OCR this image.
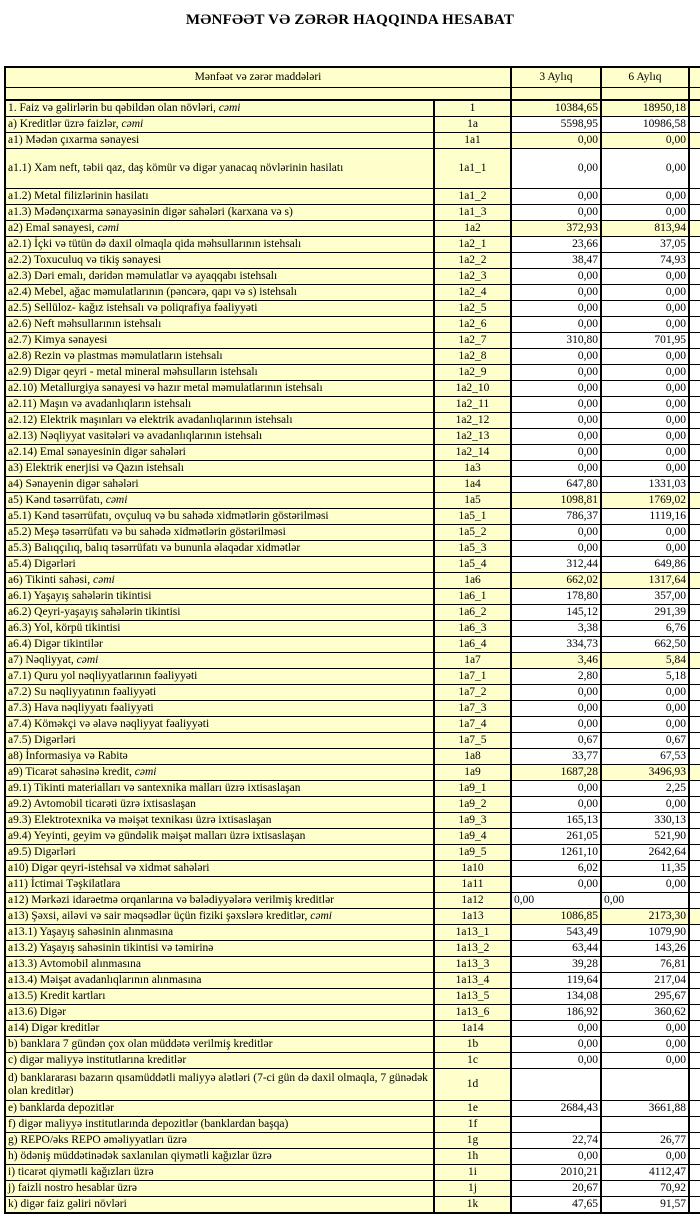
MƏNFƏƏT VƏ ZƏRƏR HAQQINDA HESABAT
Mənfəət və zərər maddələri		3 Aylıq	6 Aylıq	

1. Faiz və gəlirlərin bu qəbildən olan növləri, cəmi	1	10384,65	18950,18	
a) Kreditlər üzrə faizlər, cəmi	1a	5598,95	10986,58	
a1) Mədən çıxarma sənayesi	1a1	0,00	0,00	
a1.1) Xam neft, təbii qaz, daş kömür və digər yanacaq növlərinin hasilatı	1a1_1	0,00	0,00	
a1.2) Metal filizlərinin hasilatı	1a1_2	0,00	0,00	
a1.3) Mədənçıxarma sənayəsinin digər sahələri (karxana və s)	1a1_3	0,00	0,00	
a2) Emal sənayesi, cəmi	1a2	372,93	813,94	
a2.1) İçki və tütün də daxil olmaqla qida məhsullarının istehsalı	1a2_1	23,66	37,05	
a2.2) Toxuculuq və tikiş sənayesi	1a2_2	38,47	74,93	
a2.3) Dəri emalı, dəridən məmulatlar və ayaqqabı istehsalı	1a2_3	0,00	0,00	
a2.4) Mebel, ağac məmulatlarının (pəncərə, qapı və s) istehsalı	1a2_4	0,00	0,00	
a2.5) Sellüloz- kağız istehsalı və poliqrafiya fəaliyyəti	1a2_5	0,00	0,00	
a2.6) Neft məhsullarının istehsalı	1a2_6	0,00	0,00	
a2.7) Kimya sənayesi	1a2_7	310,80	701,95	
a2.8) Rezin və plastmas məmulatların istehsalı	1a2_8	0,00	0,00	
a2.9) Digər qeyri - metal mineral məhsulların istehsalı	1a2_9	0,00	0,00	
a2.10) Metallurgiya sənayesi və hazır metal məmulatlarının istehsalı	1a2_10	0,00	0,00	
a2.11) Maşın və avadanlıqların istehsalı	1a2_11	0,00	0,00	
a2.12) Elektrik maşınları və elektrik avadanlıqlarının istehsalı	1a2_12	0,00	0,00	
a2.13) Nəqliyyat vasitələri və avadanlıqlarının istehsalı	1a2_13	0,00	0,00	
a2.14) Emal sənayesinin digər sahələri	1a2_14	0,00	0,00	
a3) Elektrik enerjisi və Qazın istehsalı	1a3	0,00	0,00	
a4) Sənayenin digər sahələri	1a4	647,80	1331,03	
a5) Kənd təsərrüfatı, cəmi	1a5	1098,81	1769,02	
a5.1) Kənd təsərrüfatı, ovçuluq və bu sahədə xidmətlərin göstərilməsi	1a5_1	786,37	1119,16	
a5.2) Meşə təsərrüfatı və bu sahədə xidmətlərin göstərilməsi	1a5_2	0,00	0,00	
a5.3) Balıqçılıq, balıq təsərrüfatı və bununla əlaqədar xidmətlər	1a5_3	0,00	0,00	
a5.4) Digərləri	1a5_4	312,44	649,86	
a6) Tikinti sahəsi, cəmi	1a6	662,02	1317,64	
a6.1) Yaşayış sahələrin tikintisi	1a6_1	178,80	357,00	
a6.2) Qeyri-yaşayış sahələrin tikintisi	1a6_2	145,12	291,39	
a6.3) Yol, körpü tikintisi	1a6_3	3,38	6,76	
a6.4) Digər tikintilər	1a6_4	334,73	662,50	
a7) Nəqliyyat, cəmi	1a7	3,46	5,84	
a7.1) Quru yol nəqliyyatlarının fəaliyyəti	1a7_1	2,80	5,18	
a7.2) Su nəqliyyatının fəaliyyəti	1a7_2	0,00	0,00	
a7.3) Hava nəqliyyatı fəaliyyəti	1a7_3	0,00	0,00	
a7.4) Köməkçi və əlavə nəqliyyat fəaliyyəti	1a7_4	0,00	0,00	
a7.5) Digərləri	1a7_5	0,67	0,67	
a8) İnformasiya və Rabitə	1a8	33,77	67,53	
a9) Ticarət sahəsinə kredit, cəmi	1a9	1687,28	3496,93	
a9.1) Tikinti materialları və santexnika malları üzrə ixtisaslaşan	1a9_1	0,00	2,25	
a9.2) Avtomobil ticarəti üzrə ixtisaslaşan	1a9_2	0,00	0,00	
a9.3) Elektrotexnika və məişət texnikası üzrə ixtisaslaşan	1a9_3	165,13	330,13	
a9.4) Yeyinti, geyim və gündəlik məişət malları üzrə ixtisaslaşan	1a9_4	261,05	521,90	
a9.5) Digərləri	1a9_5	1261,10	2642,64	
a10) Digər qeyri-istehsal və xidmət sahələri	1a10	6,02	11,35	
a11) İctimai Təşkilatlara	1a11	0,00	0,00	
a12) Mərkəzi idarəetmə orqanlarına və bələdiyyələrə verilmiş kreditlər	1a12	0,00	0,00	
a13) Şəxsi, ailəvi və sair məqsədlər üçün fiziki şəxslərə kreditlər, cəmi	1a13	1086,85	2173,30	
a13.1) Yaşayış sahəsinin alınmasına	1a13_1	543,49	1079,90	
a13.2) Yaşayış sahəsinin tikintisi və təmirinə	1a13_2	63,44	143,26	
a13.3) Avtomobil alınmasına	1a13_3	39,28	76,81	
a13.4) Məişət avadanlıqlarının alınmasına	1a13_4	119,64	217,04	
a13.5) Kredit kartları	1a13_5	134,08	295,67	
a13.6) Digər	1a13_6	186,92	360,62	
a14) Digər kreditlər	1a14	0,00	0,00	
b) banklara 7 gündən çox olan müddətə verilmiş kreditlər	1b	0,00	0,00	
c) digər maliyyə institutlarına kreditlər	1c	0,00	0,00	
d) banklararası bazarın qısamüddətli maliyyə alətləri (7-ci gün də daxil olmaqla, 7 günədək olan kreditlər)	1d			
e) banklarda depozitlər	1e	2684,43	3661,88	
f) digər maliyyə institutlarında depozitlər (banklardan başqa)	1f			
g) REPO/əks REPO əməliyyatları üzrə	1g	22,74	26,77	
h) ödəniş müddətinədək saxlanılan qiymətli kağızlar üzrə	1h	0,00	0,00	
i) ticarət qiymətli kağızları üzrə	1i	2010,21	4112,47	
j) faizli nostro hesablar üzrə	1j	20,67	70,92	
k) digər faiz gəliri növləri	1k	47,65	91,57	
